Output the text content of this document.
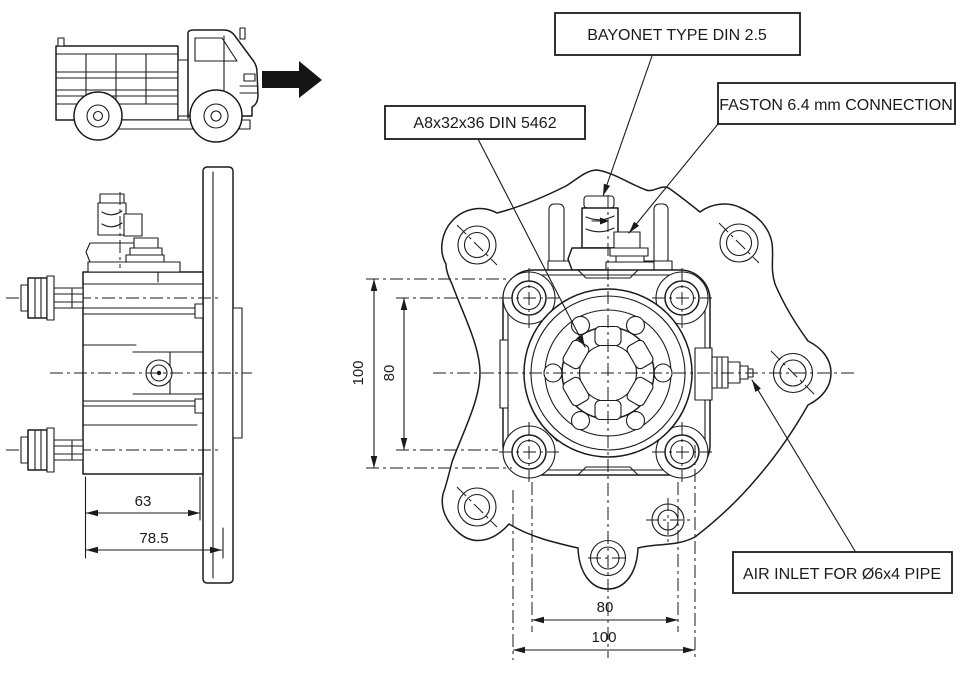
63
78.5
100 80
80
100
BAYONET TYPE DIN 2.5
A8x32x36 DIN 5462
FASTON 6.4 mm CONNECTION
AIR INLET FOR Ø6x4 PIPE
